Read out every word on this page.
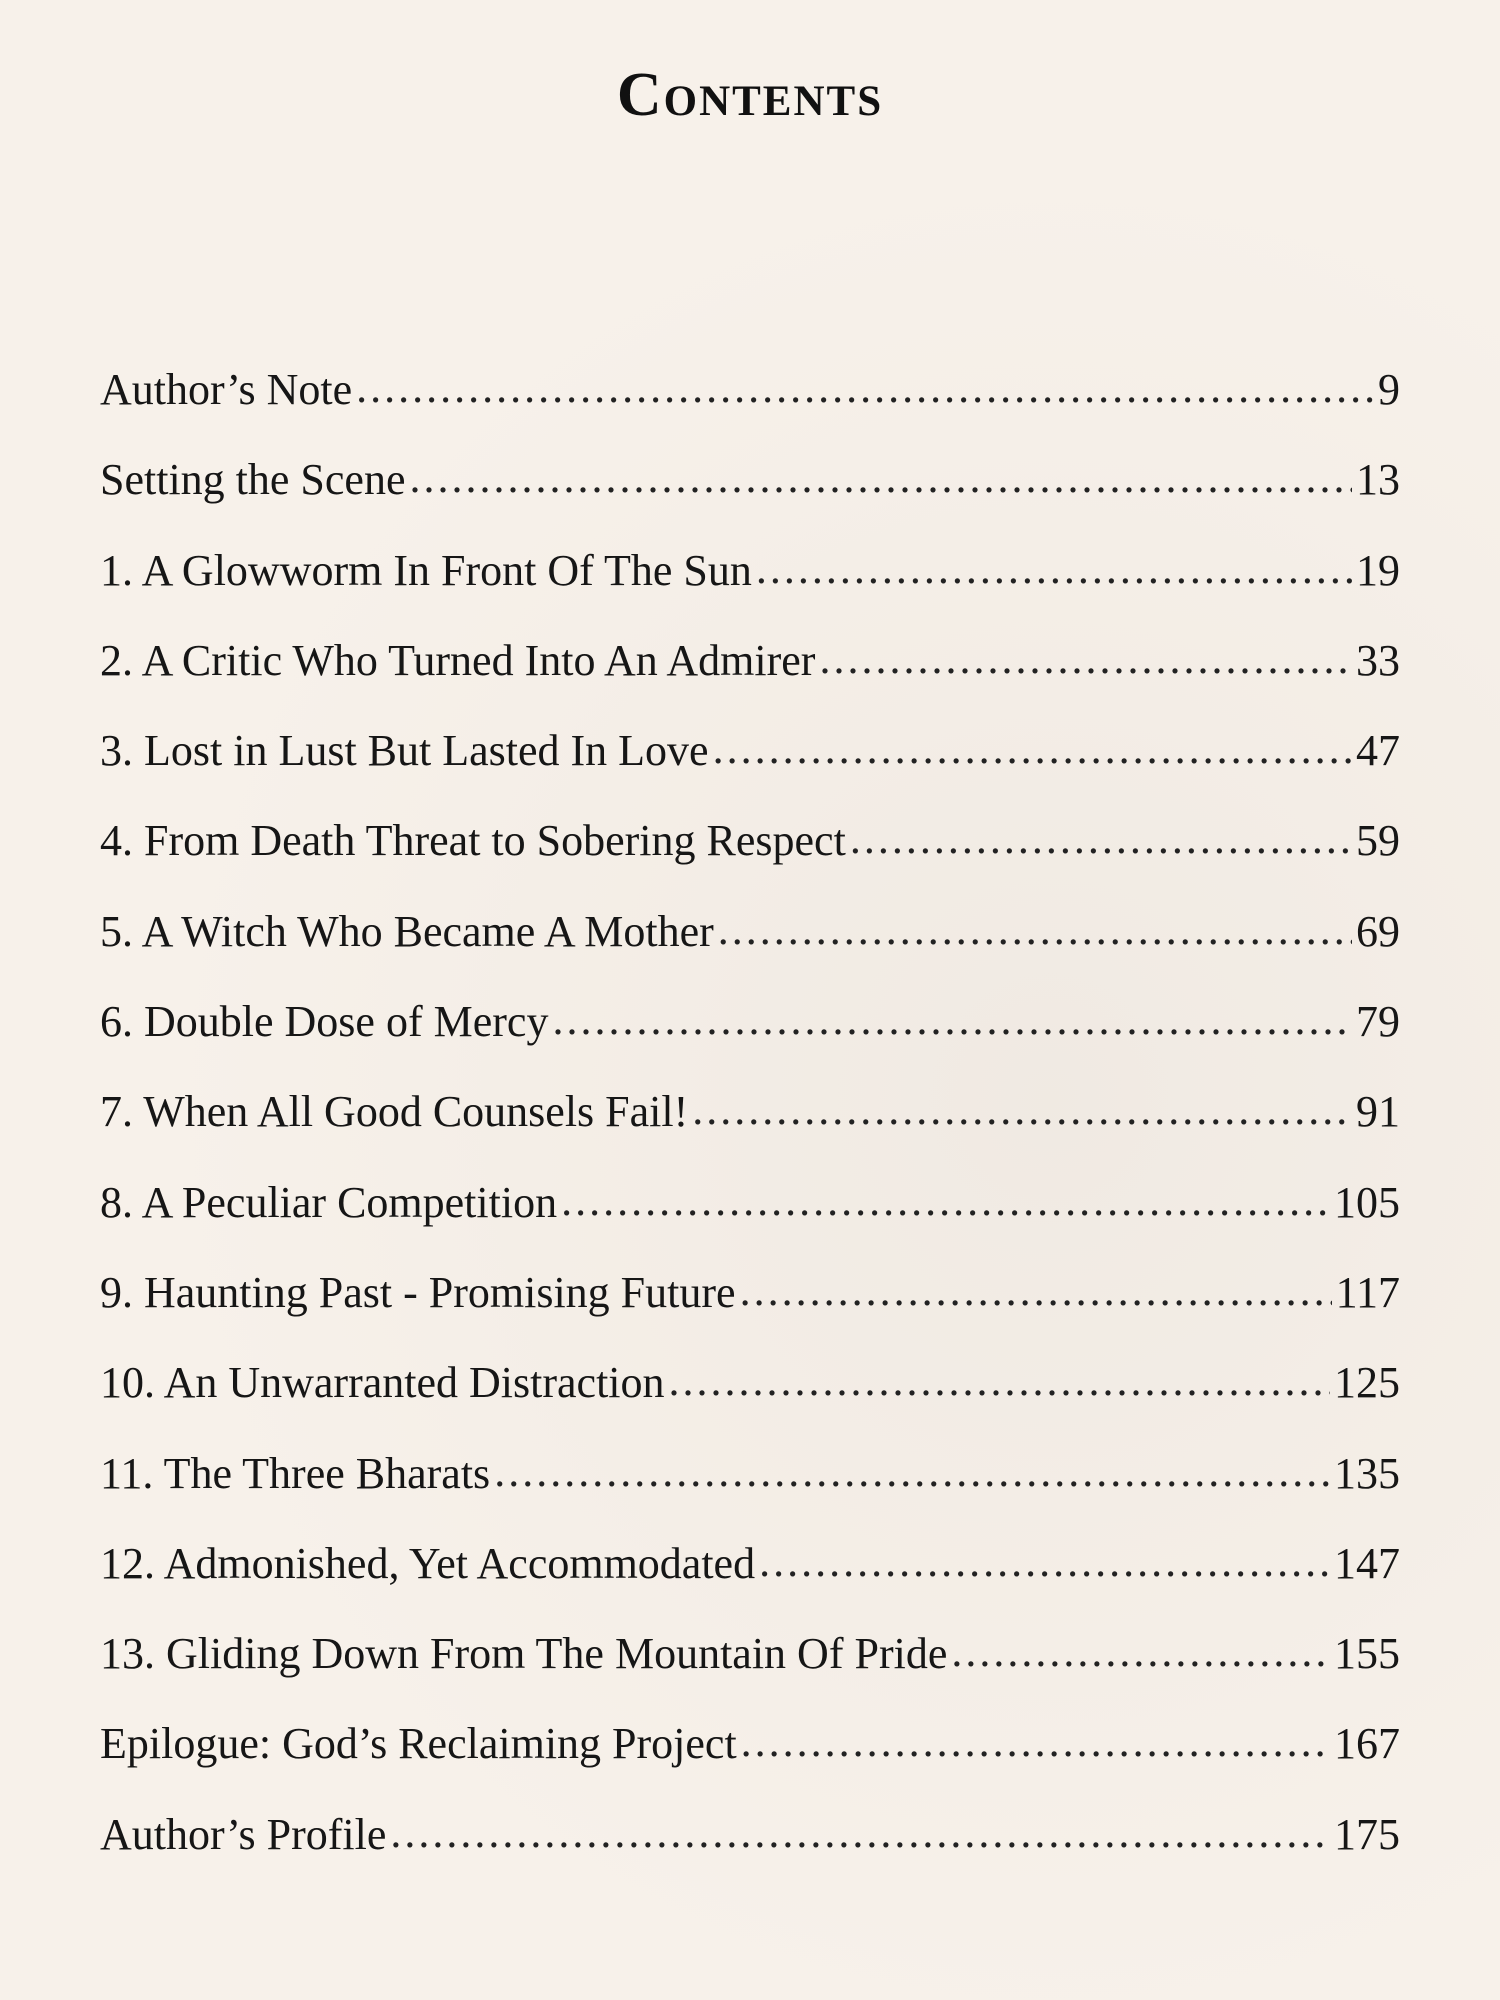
Contents
Author’s Note .....	9
Setting the Scene .....	13
1. A Glowworm In Front Of The Sun .....	19
2. A Critic Who Turned Into An Admirer .....	33
3. Lost in Lust But Lasted In Love .....	47
4. From Death Threat to Sobering Respect .....	59
5. A Witch Who Became A Mother .....	69
6. Double Dose of Mercy .....	79
7. When All Good Counsels Fail! .....	91
8. A Peculiar Competition .....	105
9. Haunting Past - Promising Future .....	117
10. An Unwarranted Distraction .....	125
11. The Three Bharats .....	135
12. Admonished, Yet Accommodated .....	147
13. Gliding Down From The Mountain Of Pride .....	155
Epilogue: God’s Reclaiming Project .....	167
Author’s Profile .....	175
